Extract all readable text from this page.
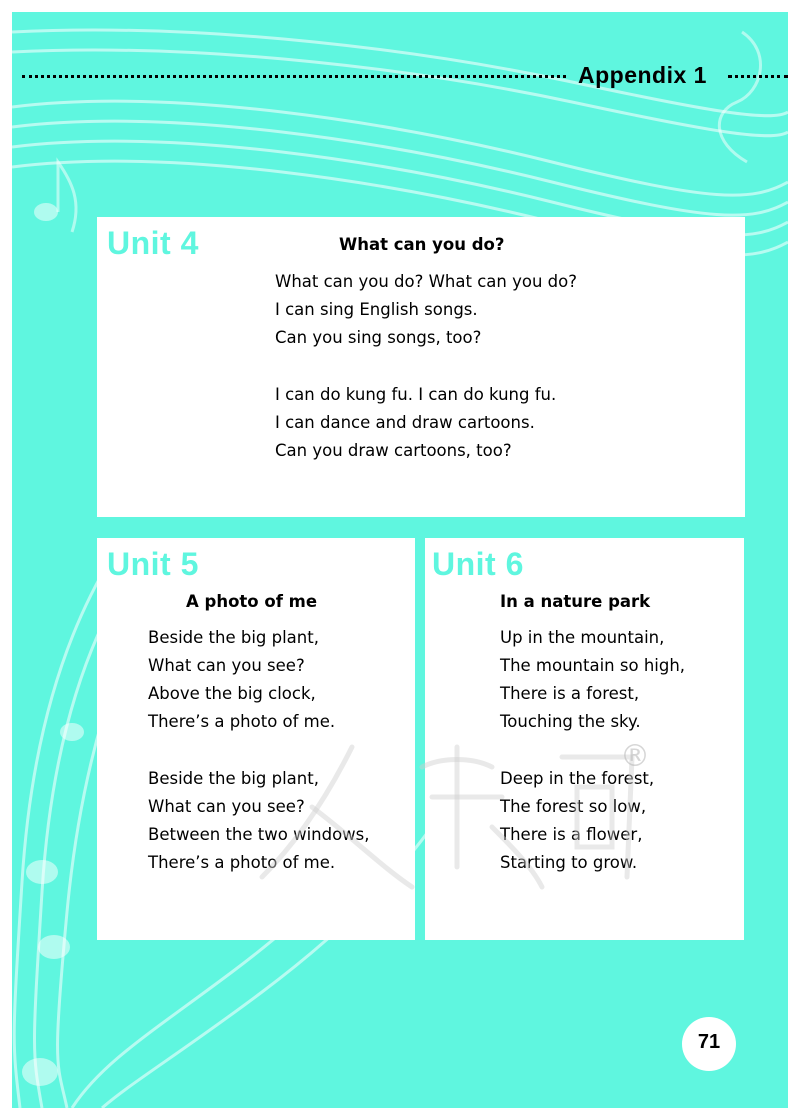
Appendix 1
Unit 4	What can you do?
What can you do? What can you do?
I can sing English songs.
Can you sing songs, too?
I can do kung fu. I can do kung fu.
I can dance and draw cartoons.
Can you draw cartoons, too?
Unit 5
A photo of me
Beside the big plant,
What can you see?
Above the big clock,
There’s a photo of me.
Beside the big plant,
What can you see?
Between the two windows,
There’s a photo of me.
Unit 6
In a nature park
Up in the mountain,
The mountain so high,
There is a forest,
Touching the sky.
Deep in the forest,
The forest so low,
There is a flower,
Starting to grow.
®
71
